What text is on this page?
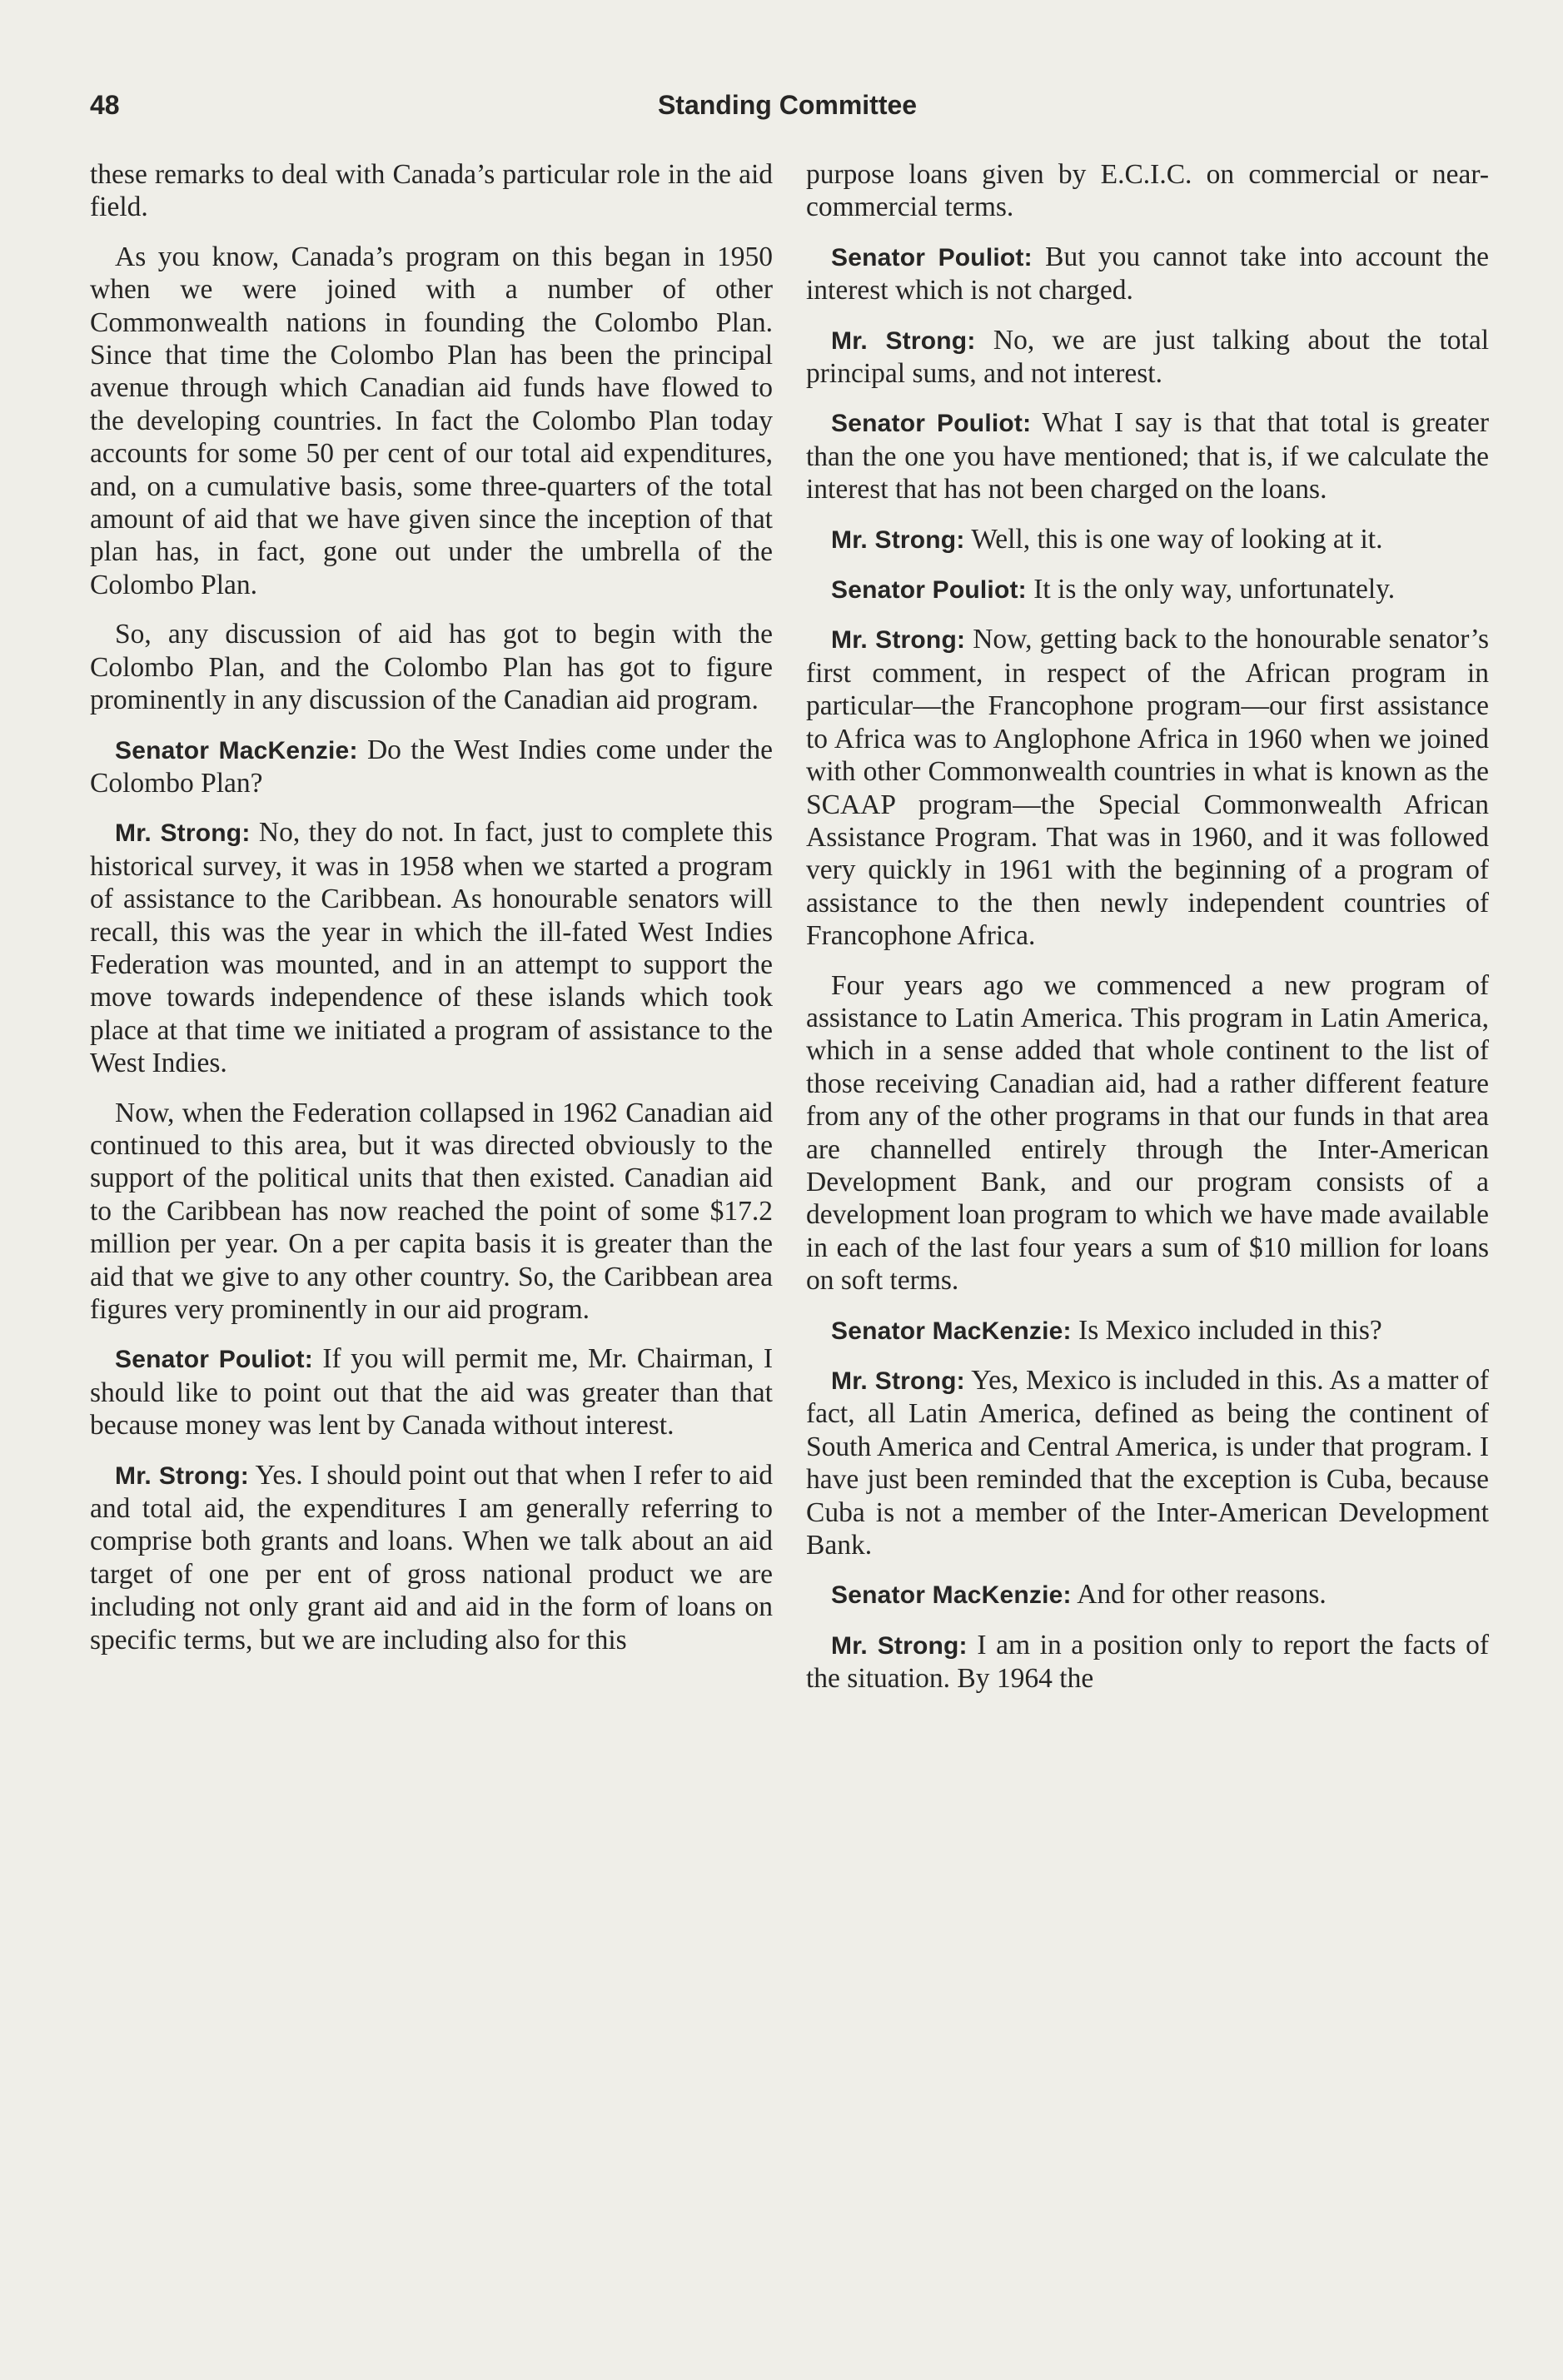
48	Standing Committee

these remarks to deal with Canada’s particular role in the aid field.

As you know, Canada’s program on this began in 1950 when we were joined with a number of other Commonwealth nations in founding the Colombo Plan. Since that time the Colombo Plan has been the principal avenue through which Canadian aid funds have flowed to the developing countries. In fact the Colombo Plan today accounts for some 50 per cent of our total aid expenditures, and, on a cumulative basis, some three-quarters of the total amount of aid that we have given since the inception of that plan has, in fact, gone out under the umbrella of the Colombo Plan.

So, any discussion of aid has got to begin with the Colombo Plan, and the Colombo Plan has got to figure prominently in any discussion of the Canadian aid program.

Senator MacKenzie: Do the West Indies come under the Colombo Plan?

Mr. Strong: No, they do not. In fact, just to complete this historical survey, it was in 1958 when we started a program of assistance to the Caribbean. As honourable senators will recall, this was the year in which the ill-fated West Indies Federation was mounted, and in an attempt to support the move towards independence of these islands which took place at that time we initiated a program of assistance to the West Indies.

Now, when the Federation collapsed in 1962 Canadian aid continued to this area, but it was directed obviously to the support of the political units that then existed. Canadian aid to the Caribbean has now reached the point of some $17.2 million per year. On a per capita basis it is greater than the aid that we give to any other country. So, the Caribbean area figures very prominently in our aid program.

Senator Pouliot: If you will permit me, Mr. Chairman, I should like to point out that the aid was greater than that because money was lent by Canada without interest.

Mr. Strong: Yes. I should point out that when I refer to aid and total aid, the expenditures I am generally referring to comprise both grants and loans. When we talk about an aid target of one per ent of gross national product we are including not only grant aid and aid in the form of loans on specific terms, but we are including also for this

purpose loans given by E.C.I.C. on commercial or near-commercial terms.

Senator Pouliot: But you cannot take into account the interest which is not charged.

Mr. Strong: No, we are just talking about the total principal sums, and not interest.

Senator Pouliot: What I say is that that total is greater than the one you have mentioned; that is, if we calculate the interest that has not been charged on the loans.

Mr. Strong: Well, this is one way of looking at it.

Senator Pouliot: It is the only way, unfortunately.

Mr. Strong: Now, getting back to the honourable senator’s first comment, in respect of the African program in particular—the Francophone program—our first assistance to Africa was to Anglophone Africa in 1960 when we joined with other Commonwealth countries in what is known as the SCAAP program—the Special Commonwealth African Assistance Program. That was in 1960, and it was followed very quickly in 1961 with the beginning of a program of assistance to the then newly independent countries of Francophone Africa.

Four years ago we commenced a new program of assistance to Latin America. This program in Latin America, which in a sense added that whole continent to the list of those receiving Canadian aid, had a rather different feature from any of the other programs in that our funds in that area are channelled entirely through the Inter-American Development Bank, and our program consists of a development loan program to which we have made available in each of the last four years a sum of $10 million for loans on soft terms.

Senator MacKenzie: Is Mexico included in this?

Mr. Strong: Yes, Mexico is included in this. As a matter of fact, all Latin America, defined as being the continent of South America and Central America, is under that program. I have just been reminded that the exception is Cuba, because Cuba is not a member of the Inter-American Development Bank.

Senator MacKenzie: And for other reasons.

Mr. Strong: I am in a position only to report the facts of the situation. By 1964 the
